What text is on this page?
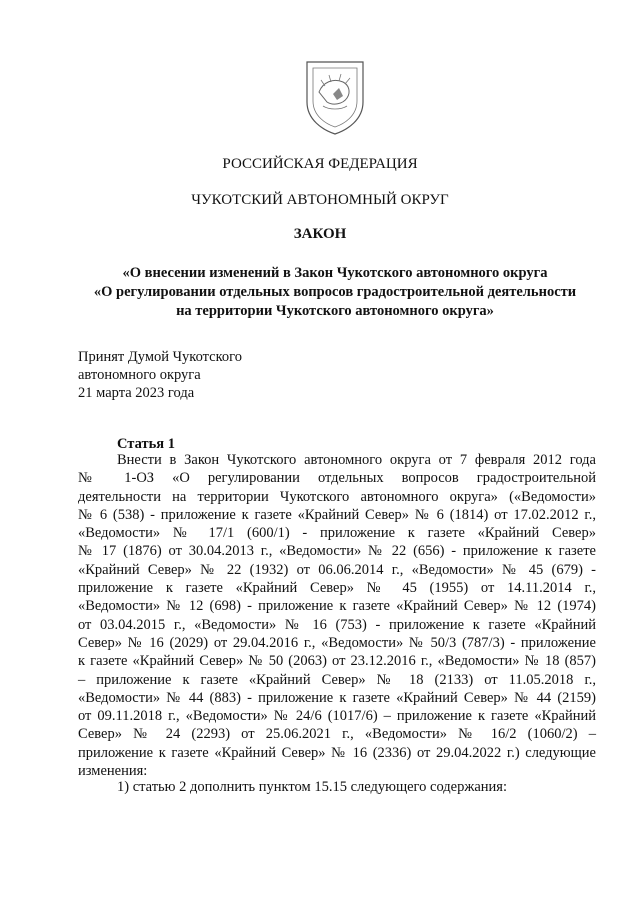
РОССИЙСКАЯ ФЕДЕРАЦИЯ
ЧУКОТСКИЙ АВТОНОМНЫЙ ОКРУГ
ЗАКОН
«О внесении изменений в Закон Чукотского автономного округа
«О регулировании отдельных вопросов градостроительной деятельности
на территории Чукотского автономного округа»
Принят Думой Чукотского
автономного округа
21 марта 2023 года
Статья 1
Внести в Закон Чукотского автономного округа от 7 февраля 2012 года
№ 1-ОЗ «О регулировании отдельных вопросов градостроительной
деятельности на территории Чукотского автономного округа» («Ведомости»
№ 6 (538) - приложение к газете «Крайний Север» № 6 (1814) от 17.02.2012 г.,
«Ведомости» № 17/1 (600/1) - приложение к газете «Крайний Север»
№ 17 (1876) от 30.04.2013 г., «Ведомости» № 22 (656) - приложение к газете
«Крайний Север» № 22 (1932) от 06.06.2014 г., «Ведомости» № 45 (679) -
приложение к газете «Крайний Север» № 45 (1955) от 14.11.2014 г.,
«Ведомости» № 12 (698) - приложение к газете «Крайний Север» № 12 (1974)
от 03.04.2015 г., «Ведомости» № 16 (753) - приложение к газете «Крайний
Север» № 16 (2029) от 29.04.2016 г., «Ведомости» № 50/3 (787/3) - приложение
к газете «Крайний Север» № 50 (2063) от 23.12.2016 г., «Ведомости» № 18 (857)
– приложение к газете «Крайний Север» № 18 (2133) от 11.05.2018 г.,
«Ведомости» № 44 (883) - приложение к газете «Крайний Север» № 44 (2159)
от 09.11.2018 г., «Ведомости» № 24/6 (1017/6) – приложение к газете «Крайний
Север» № 24 (2293) от 25.06.2021 г., «Ведомости» № 16/2 (1060/2) –
приложение к газете «Крайний Север» № 16 (2336) от 29.04.2022 г.) следующие
изменения:
1) статью 2 дополнить пунктом 15.15 следующего содержания:
